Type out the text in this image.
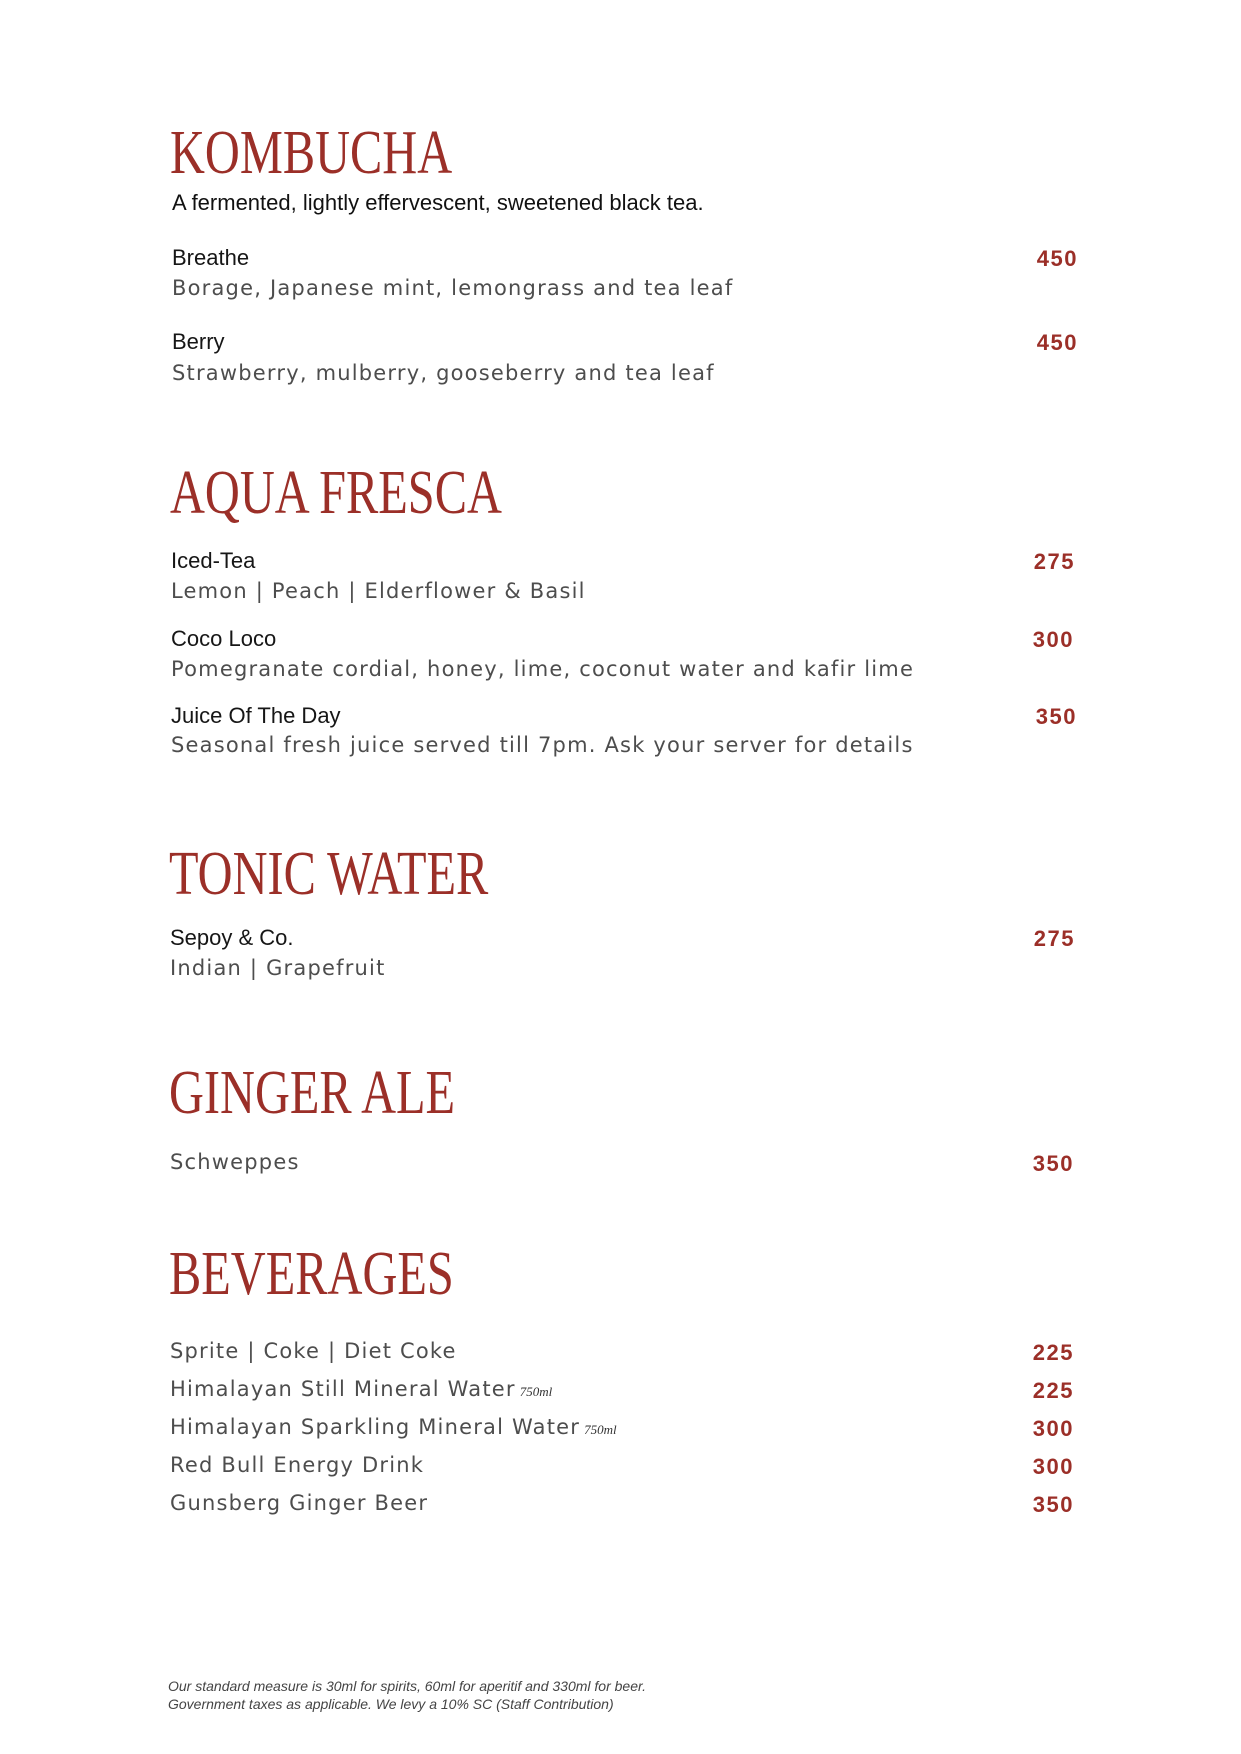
KOMBUCHA
A fermented, lightly effervescent, sweetened black tea.
Breathe	450
Borage, Japanese mint, lemongrass and tea leaf
Berry	450
Strawberry, mulberry, gooseberry and tea leaf
AQUA FRESCA
Iced-Tea	275
Lemon | Peach | Elderflower & Basil
Coco Loco	300
Pomegranate cordial, honey, lime, coconut water and kafir lime
Juice Of The Day	350
Seasonal fresh juice served till 7pm. Ask your server for details
TONIC WATER
Sepoy & Co.	275
Indian | Grapefruit
GINGER ALE
Schweppes	350
BEVERAGES
Sprite | Coke | Diet Coke	225
Himalayan Still Mineral Water 750ml	225
Himalayan Sparkling Mineral Water 750ml	300
Red Bull Energy Drink	300
Gunsberg Ginger Beer	350
Our standard measure is 30ml for spirits, 60ml for aperitif and 330ml for beer.
Government taxes as applicable. We levy a 10% SC (Staff Contribution)
